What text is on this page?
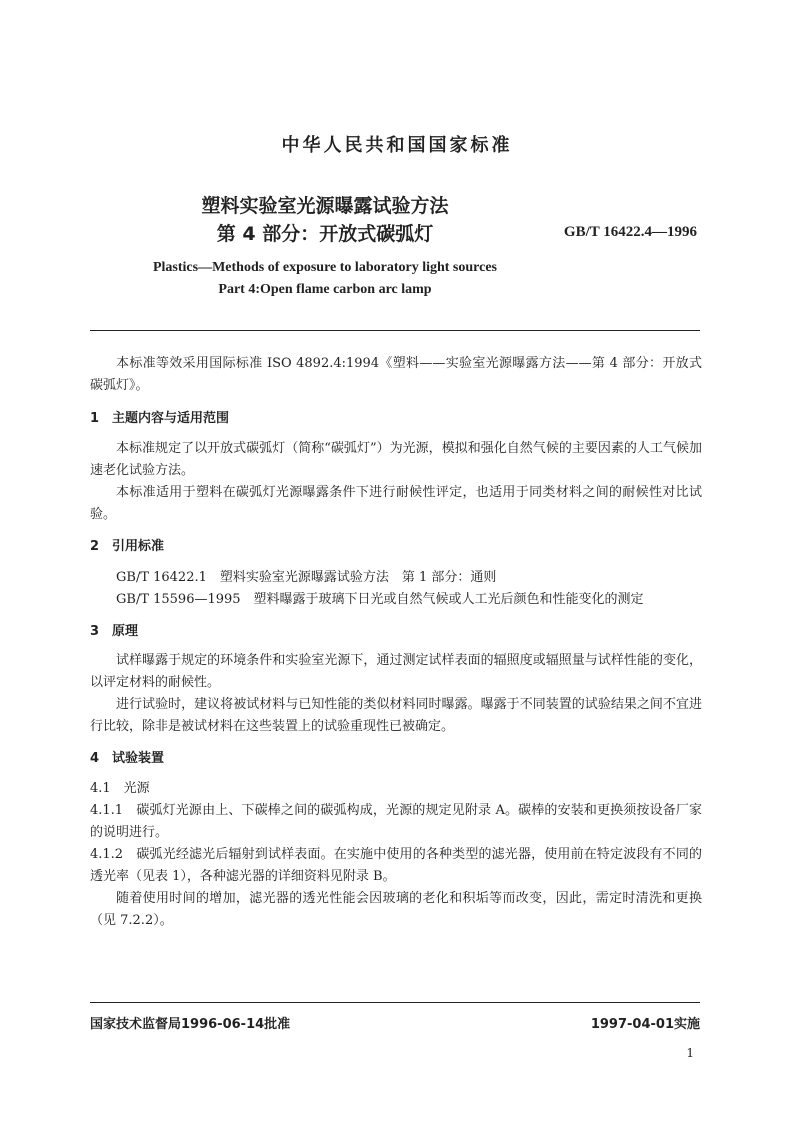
中华人民共和国国家标准
塑料实验室光源曝露试验方法
第 4 部分：开放式碳弧灯	GB/T 16422.4—1996
Plastics—Methods of exposure to laboratory light sources
Part 4:Open flame carbon arc lamp
本标准等效采用国际标准 ISO 4892.4:1994《塑料——实验室光源曝露方法——第 4 部分：开放式碳弧灯》。
1 主题内容与适用范围
本标准规定了以开放式碳弧灯（简称“碳弧灯”）为光源，模拟和强化自然气候的主要因素的人工气候加速老化试验方法。
本标准适用于塑料在碳弧灯光源曝露条件下进行耐候性评定，也适用于同类材料之间的耐候性对比试验。
2 引用标准
GB/T 16422.1　塑料实验室光源曝露试验方法　第 1 部分：通则
GB/T 15596—1995　塑料曝露于玻璃下日光或自然气候或人工光后颜色和性能变化的测定
3 原理
试样曝露于规定的环境条件和实验室光源下，通过测定试样表面的辐照度或辐照量与试样性能的变化，以评定材料的耐候性。
进行试验时，建议将被试材料与已知性能的类似材料同时曝露。曝露于不同装置的试验结果之间不宜进行比较，除非是被试材料在这些装置上的试验重现性已被确定。
4 试验装置
4.1　光源
4.1.1　碳弧灯光源由上、下碳棒之间的碳弧构成，光源的规定见附录 A。碳棒的安装和更换须按设备厂家的说明进行。
4.1.2　碳弧光经滤光后辐射到试样表面。在实施中使用的各种类型的滤光器，使用前在特定波段有不同的透光率（见表 1），各种滤光器的详细资料见附录 B。
随着使用时间的增加，滤光器的透光性能会因玻璃的老化和积垢等而改变，因此，需定时清洗和更换（见 7.2.2）。
国家技术监督局1996-06-14批准	1997-04-01实施
1
